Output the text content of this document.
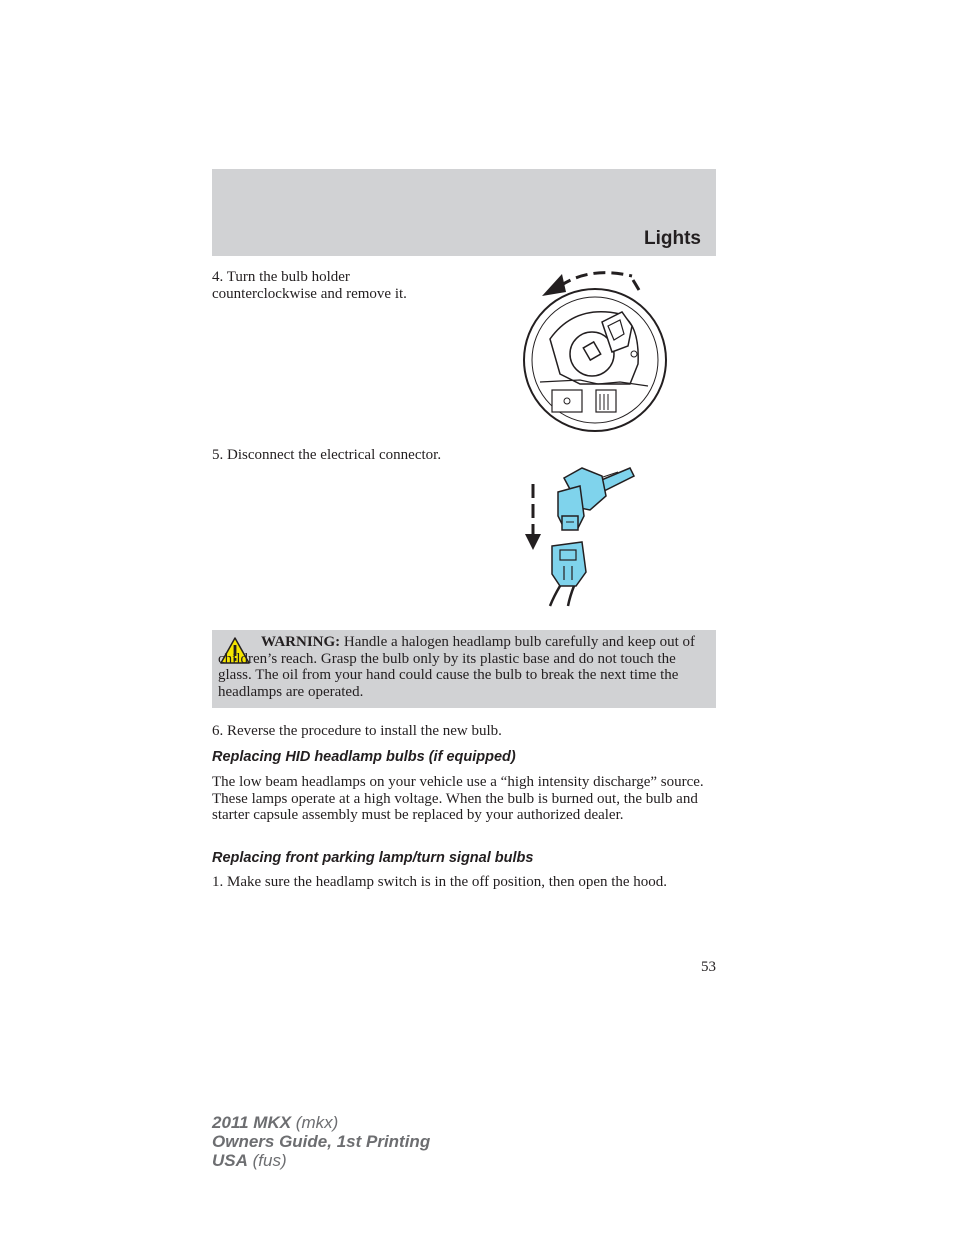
Lights
4. Turn the bulb holder counterclockwise and remove it.
5. Disconnect the electrical connector.
WARNING: Handle a halogen headlamp bulb carefully and keep out of children’s reach. Grasp the bulb only by its plastic base and do not touch the glass. The oil from your hand could cause the bulb to break the next time the headlamps are operated.
6. Reverse the procedure to install the new bulb.
Replacing HID headlamp bulbs (if equipped)
The low beam headlamps on your vehicle use a “high intensity discharge” source. These lamps operate at a high voltage. When the bulb is burned out, the bulb and starter capsule assembly must be replaced by your authorized dealer.
Replacing front parking lamp/turn signal bulbs
1. Make sure the headlamp switch is in the off position, then open the hood.
53
2011 MKX (mkx)
Owners Guide, 1st Printing
USA (fus)
